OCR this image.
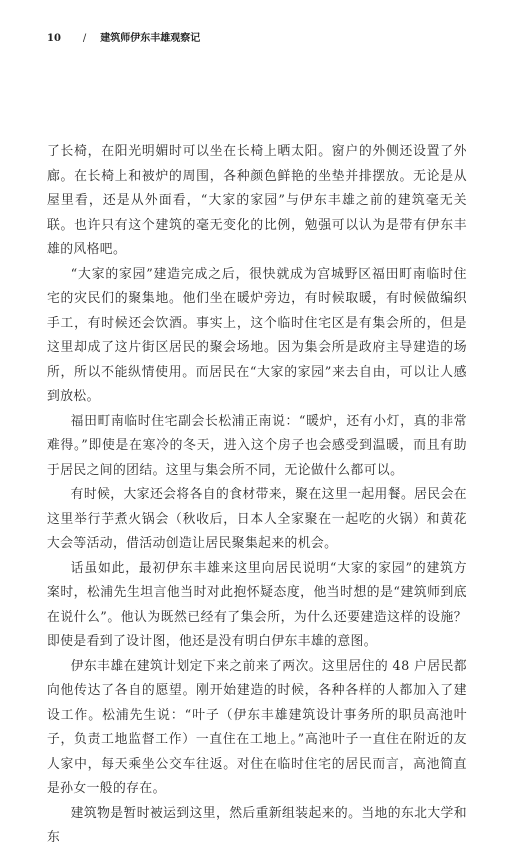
10 / 建筑师伊东丰雄观察记

了长椅，在阳光明媚时可以坐在长椅上晒太阳。窗户的外侧还设置了外廊。在长椅上和被炉的周围，各种颜色鲜艳的坐垫并排摆放。无论是从屋里看，还是从外面看，“大家的家园”与伊东丰雄之前的建筑毫无关联。也许只有这个建筑的毫无变化的比例，勉强可以认为是带有伊东丰雄的风格吧。

“大家的家园”建造完成之后，很快就成为宫城野区福田町南临时住宅的灾民们的聚集地。他们坐在暖炉旁边，有时候取暖，有时候做编织手工，有时候还会饮酒。事实上，这个临时住宅区是有集会所的，但是这里却成了这片街区居民的聚会场地。因为集会所是政府主导建造的场所，所以不能纵情使用。而居民在“大家的家园”来去自由，可以让人感到放松。

福田町南临时住宅副会长松浦正南说：“暖炉，还有小灯，真的非常难得。”即使是在寒冷的冬天，进入这个房子也会感受到温暖，而且有助于居民之间的团结。这里与集会所不同，无论做什么都可以。

有时候，大家还会将各自的食材带来，聚在这里一起用餐。居民会在这里举行芋煮火锅会（秋收后，日本人全家聚在一起吃的火锅）和黄花大会等活动，借活动创造让居民聚集起来的机会。

话虽如此，最初伊东丰雄来这里向居民说明“大家的家园”的建筑方案时，松浦先生坦言他当时对此抱怀疑态度，他当时想的是“建筑师到底在说什么”。他认为既然已经有了集会所，为什么还要建造这样的设施？即使是看到了设计图，他还是没有明白伊东丰雄的意图。

伊东丰雄在建筑计划定下来之前来了两次。这里居住的 48 户居民都向他传达了各自的愿望。刚开始建造的时候，各种各样的人都加入了建设工作。松浦先生说：“叶子（伊东丰雄建筑设计事务所的职员高池叶子，负责工地监督工作）一直住在工地上。”高池叶子一直住在附近的友人家中，每天乘坐公交车往返。对住在临时住宅的居民而言，高池简直是孙女一般的存在。

建筑物是暂时被运到这里，然后重新组装起来的。当地的东北大学和东
